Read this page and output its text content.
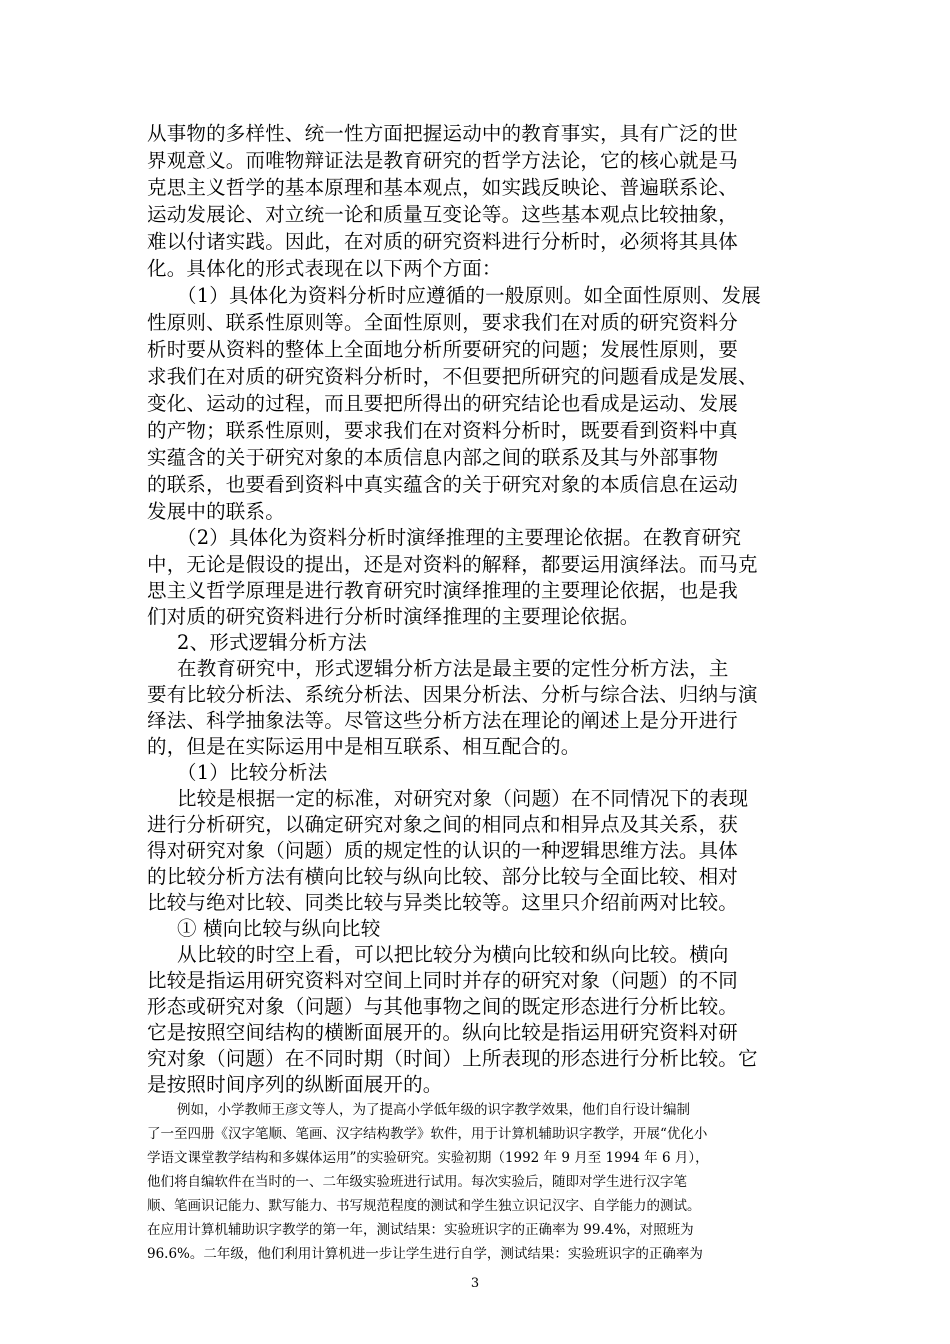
从事物的多样性、统一性方面把握运动中的教育事实，具有广泛的世
界观意义。而唯物辩证法是教育研究的哲学方法论，它的核心就是马
克思主义哲学的基本原理和基本观点，如实践反映论、普遍联系论、
运动发展论、对立统一论和质量互变论等。这些基本观点比较抽象，
难以付诸实践。因此，在对质的研究资料进行分析时，必须将其具体
化。具体化的形式表现在以下两个方面：
（1）具体化为资料分析时应遵循的一般原则。如全面性原则、发展
性原则、联系性原则等。全面性原则，要求我们在对质的研究资料分
析时要从资料的整体上全面地分析所要研究的问题；发展性原则，要
求我们在对质的研究资料分析时，不但要把所研究的问题看成是发展、
变化、运动的过程，而且要把所得出的研究结论也看成是运动、发展
的产物；联系性原则，要求我们在对资料分析时，既要看到资料中真
实蕴含的关于研究对象的本质信息内部之间的联系及其与外部事物
的联系，也要看到资料中真实蕴含的关于研究对象的本质信息在运动
发展中的联系。
（2）具体化为资料分析时演绎推理的主要理论依据。在教育研究
中，无论是假设的提出，还是对资料的解释，都要运用演绎法。而马克
思主义哲学原理是进行教育研究时演绎推理的主要理论依据，也是我
们对质的研究资料进行分析时演绎推理的主要理论依据。
2、形式逻辑分析方法
在教育研究中，形式逻辑分析方法是最主要的定性分析方法，主
要有比较分析法、系统分析法、因果分析法、分析与综合法、归纳与演
绎法、科学抽象法等。尽管这些分析方法在理论的阐述上是分开进行
的，但是在实际运用中是相互联系、相互配合的。
（1）比较分析法
比较是根据一定的标准，对研究对象（问题）在不同情况下的表现
进行分析研究，以确定研究对象之间的相同点和相异点及其关系，获
得对研究对象（问题）质的规定性的认识的一种逻辑思维方法。具体
的比较分析方法有横向比较与纵向比较、部分比较与全面比较、相对
比较与绝对比较、同类比较与异类比较等。这里只介绍前两对比较。
① 横向比较与纵向比较
从比较的时空上看，可以把比较分为横向比较和纵向比较。横向
比较是指运用研究资料对空间上同时并存的研究对象（问题）的不同
形态或研究对象（问题）与其他事物之间的既定形态进行分析比较。
它是按照空间结构的横断面展开的。纵向比较是指运用研究资料对研
究对象（问题）在不同时期（时间）上所表现的形态进行分析比较。它
是按照时间序列的纵断面展开的。
例如，小学教师王彦文等人，为了提高小学低年级的识字教学效果，他们自行设计编制
了一至四册《汉字笔顺、笔画、汉字结构教学》软件，用于计算机辅助识字教学，开展“优化小
学语文课堂教学结构和多媒体运用”的实验研究。实验初期（1992 年 9 月至 1994 年 6 月），
他们将自编软件在当时的一、二年级实验班进行试用。每次实验后，随即对学生进行汉字笔
顺、笔画识记能力、默写能力、书写规范程度的测试和学生独立识记汉字、自学能力的测试。
在应用计算机辅助识字教学的第一年，测试结果：实验班识字的正确率为 99.4%，对照班为
96.6%。二年级，他们利用计算机进一步让学生进行自学，测试结果：实验班识字的正确率为
3
